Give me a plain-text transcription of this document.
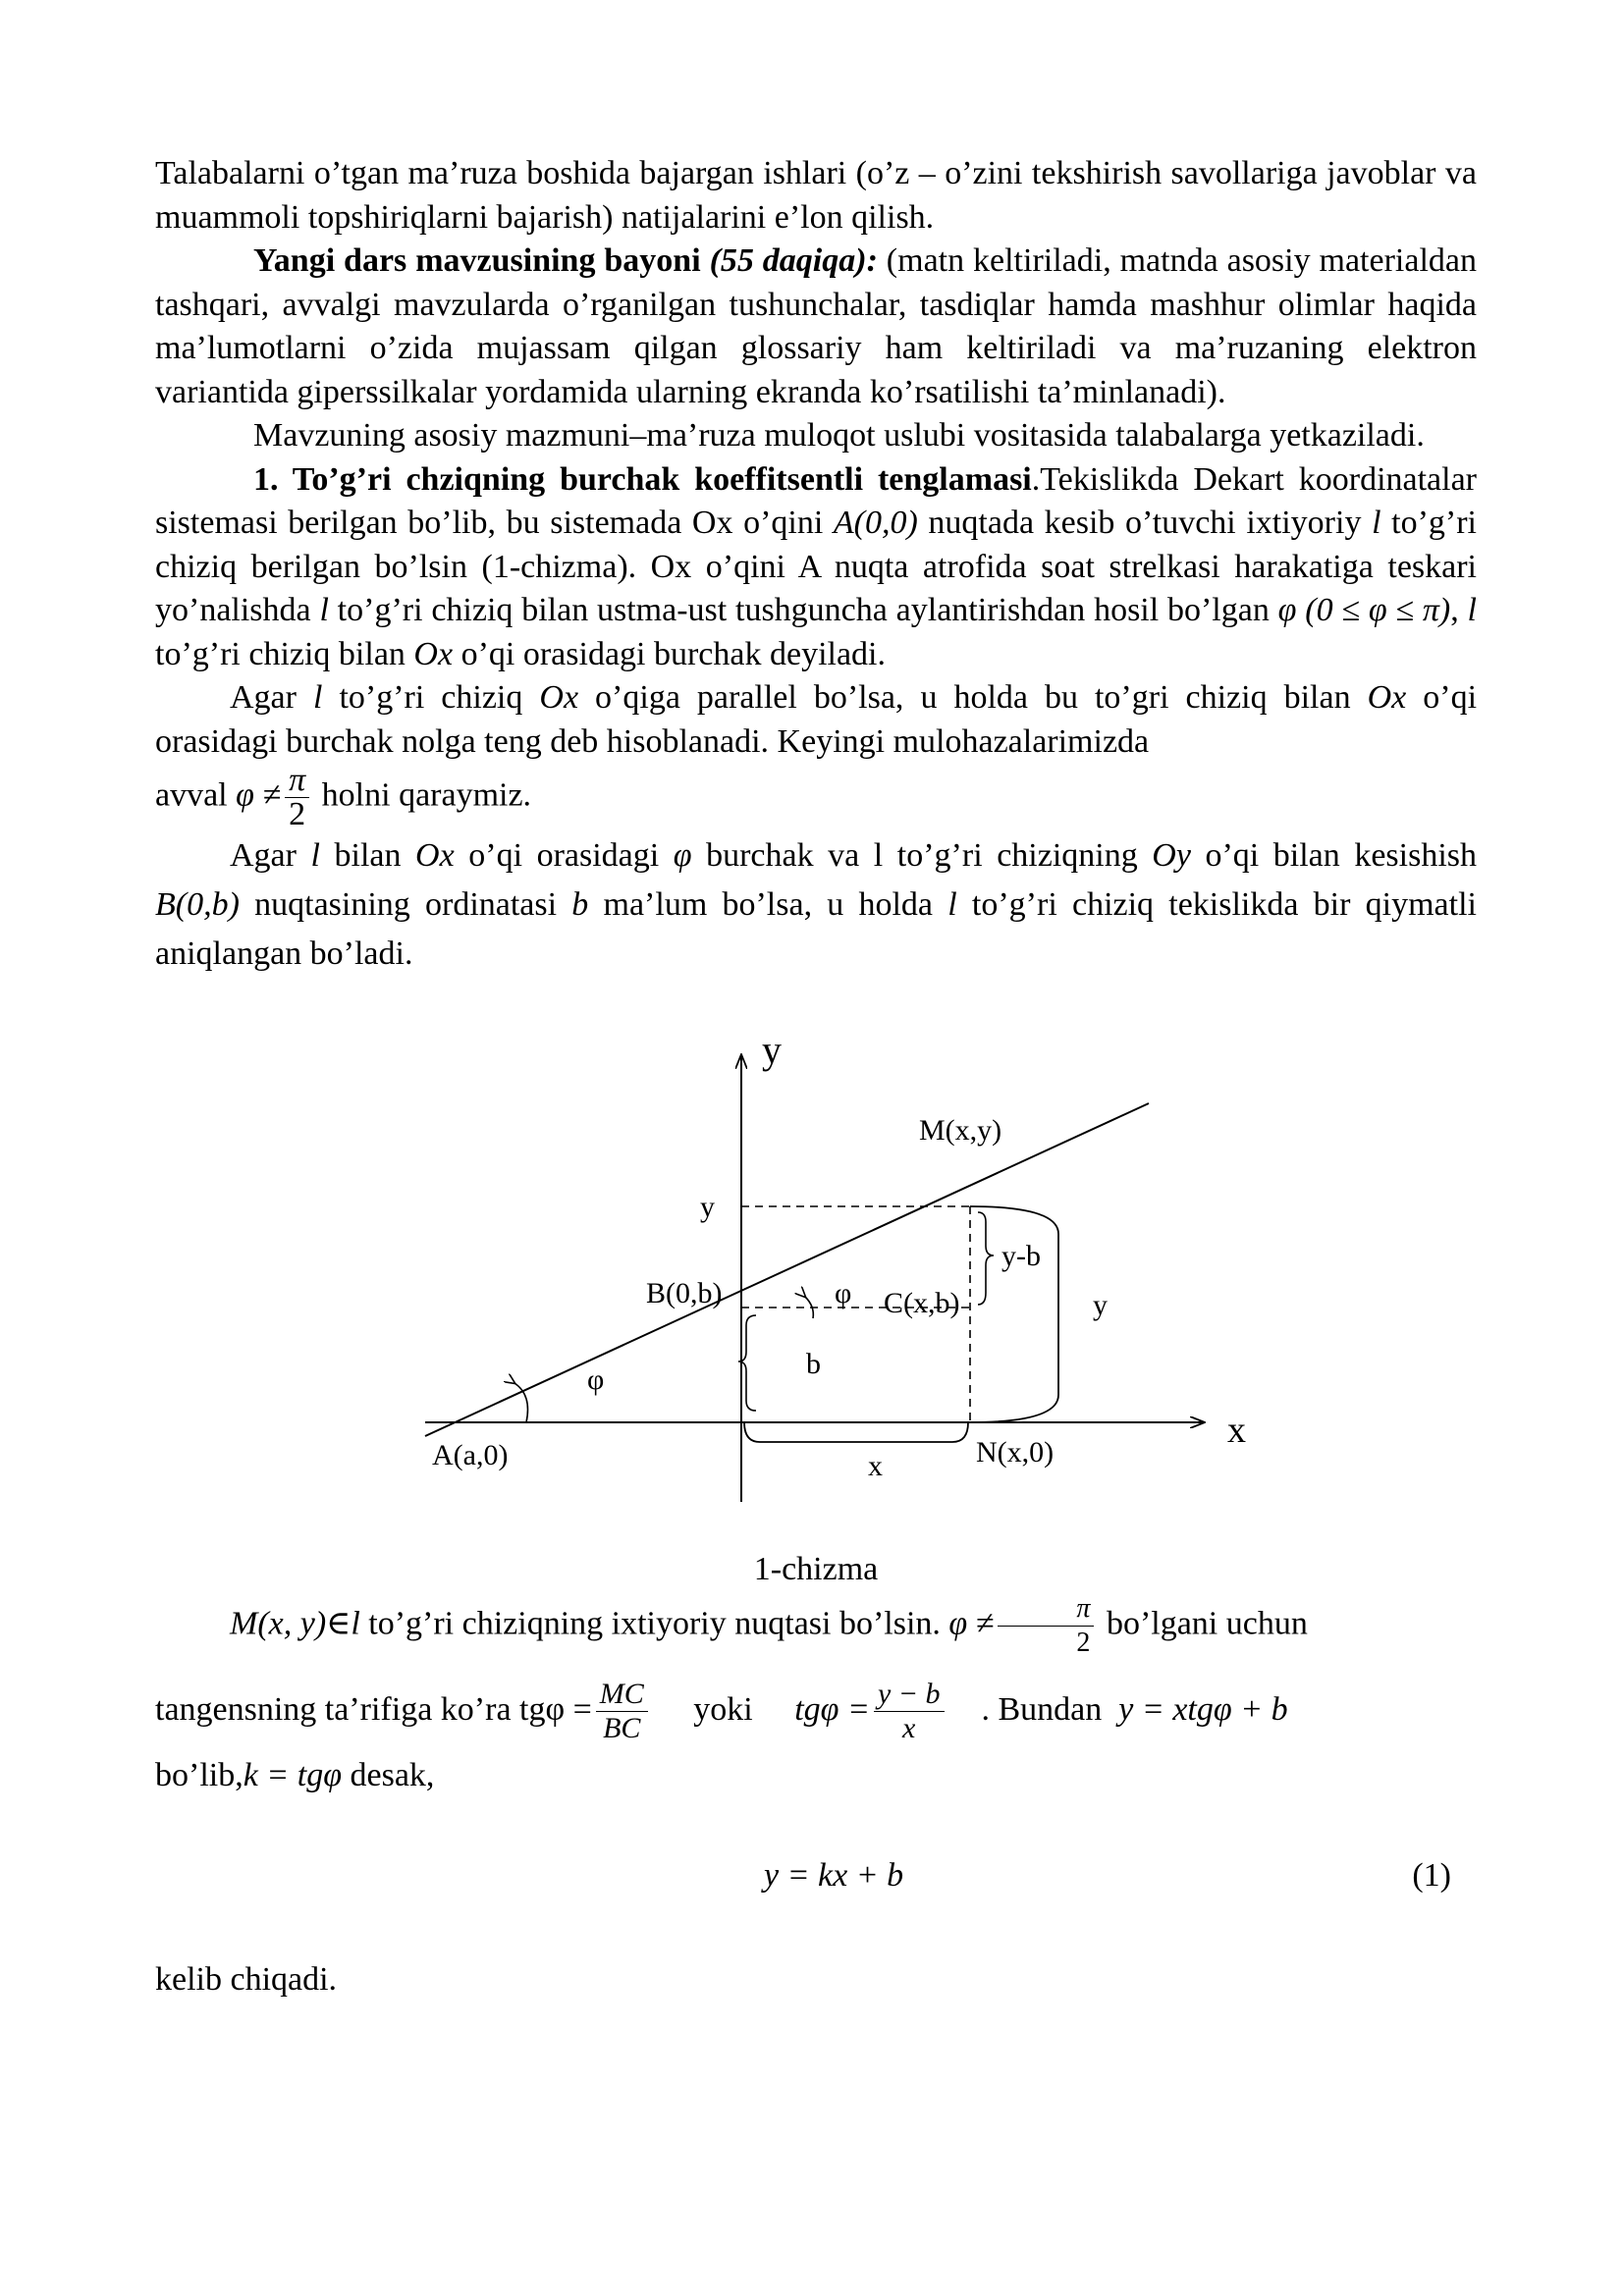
Talabalarni o’tgan ma’ruza boshida bajargan ishlari (o’z – o’zini tekshirish savollariga javoblar va muammoli topshiriqlarni bajarish) natijalarini e’lon qilish.

Yangi dars mavzusining bayoni (55 daqiqa): (matn keltiriladi, matnda asosiy materialdan tashqari, avvalgi mavzularda o’rganilgan tushunchalar, tasdiqlar hamda mashhur olimlar haqida ma’lumotlarni o’zida mujassam qilgan glossariy ham keltiriladi va ma’ruzaning elektron variantida giperssilkalar yordamida ularning ekranda ko’rsatilishi ta’minlanadi).

Mavzuning asosiy mazmuni–ma’ruza muloqot uslubi vositasida talabalarga yetkaziladi.

1. To’g’ri chziqning burchak koeffitsentli tenglamasi.Tekislikda Dekart koordinatalar sistemasi berilgan bo’lib, bu sistemada Ox o’qini A(0,0) nuqtada kesib o’tuvchi ixtiyoriy l to’g’ri chiziq berilgan bo’lsin (1-chizma). Ox o’qini A nuqta atrofida soat strelkasi harakatiga teskari yo’nalishda l to’g’ri chiziq bilan ustma-ust tushguncha aylantirishdan hosil bo’lgan φ (0 ≤ φ ≤ π), l to’g’ri chiziq bilan Ox o’qi orasidagi burchak deyiladi.

Agar l to’g’ri chiziq Ox o’qiga parallel bo’lsa, u holda bu to’gri chiziq bilan Ox o’qi orasidagi burchak nolga teng deb hisoblanadi. Keyingi mulohazalarimizda

avval $\varphi \ne \frac{\pi}{2}$ holni qaraymiz.

Agar l bilan Ox o’qi orasidagi φ burchak va l to’g’ri chiziqning Oy o’qi bilan kesishish B(0,b) nuqtasining ordinatasi b ma’lum bo’lsa, u holda l to’g’ri chiziq tekislikda bir qiymatli aniqlangan bo’ladi.

y
x
M(x,y)
y
y-b
B(0,b)	φ C(x,b)	y
φ	b
A(a,0)	x	N(x,0)

1-chizma

M(x, y)∈l to’g’ri chiziqning ixtiyoriy nuqtasi bo’lsin. $\varphi \ne \frac{\pi}{2}$ bo’lgani uchun

tangensning ta’rifiga ko’ra $tg\varphi = \frac{MC}{BC}$ yoki $tg\varphi = \frac{y - b}{x}$ . Bundan y = xtgφ + b

bo’lib,k = tgφ desak,

y = kx + b	(1)

kelib chiqadi.
